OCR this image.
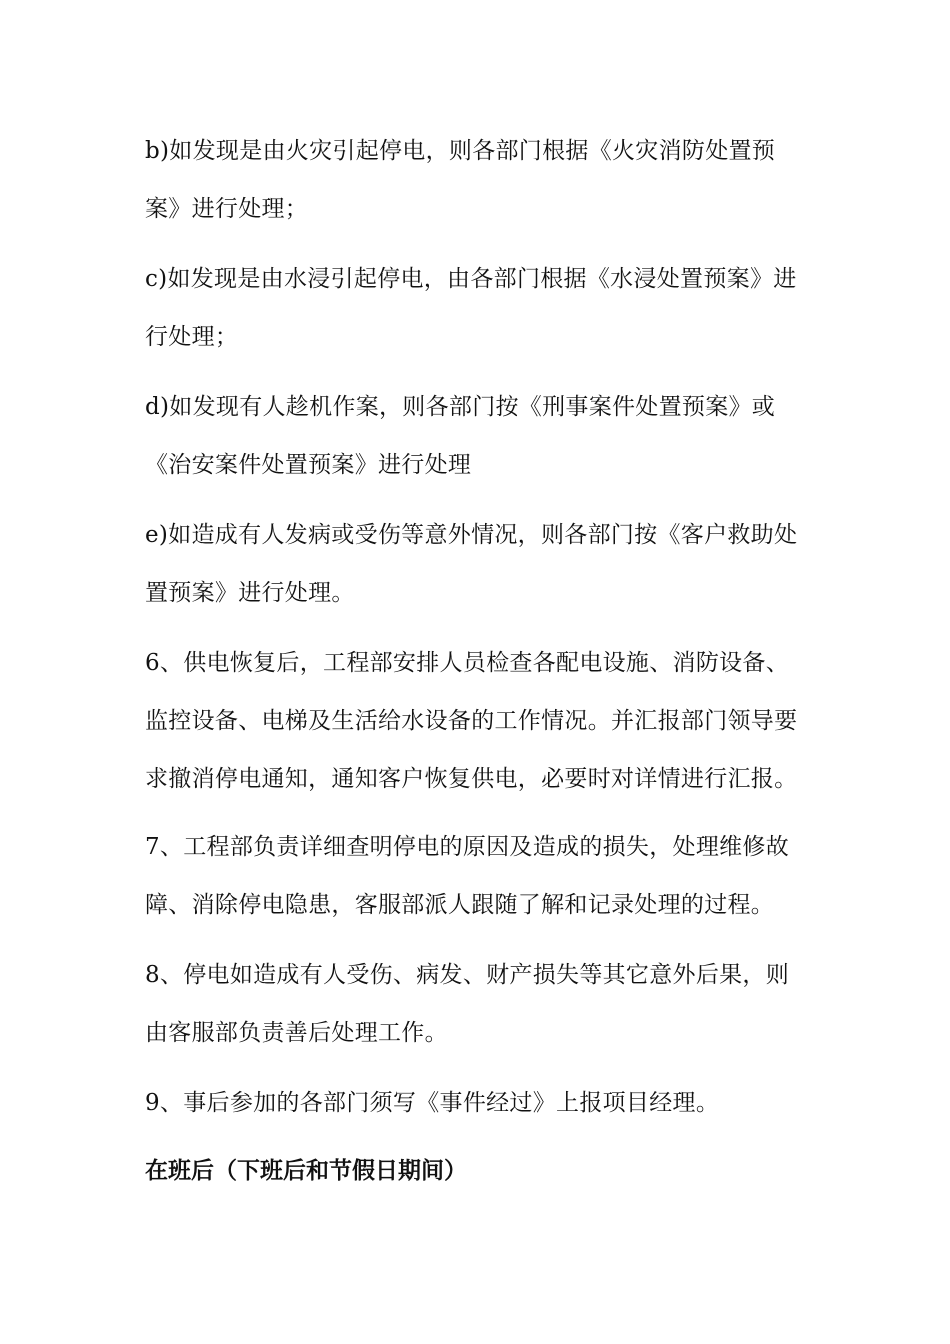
b)如发现是由火灾引起停电，则各部门根据《火灾消防处置预案》进行处理；

c)如发现是由水浸引起停电，由各部门根据《水浸处置预案》进行处理；

d)如发现有人趁机作案，则各部门按《刑事案件处置预案》或《治安案件处置预案》进行处理

e)如造成有人发病或受伤等意外情况，则各部门按《客户救助处置预案》进行处理。

6、供电恢复后，工程部安排人员检查各配电设施、消防设备、监控设备、电梯及生活给水设备的工作情况。并汇报部门领导要求撤消停电通知，通知客户恢复供电，必要时对详情进行汇报。

7、工程部负责详细查明停电的原因及造成的损失，处理维修故障、消除停电隐患，客服部派人跟随了解和记录处理的过程。

8、停电如造成有人受伤、病发、财产损失等其它意外后果，则由客服部负责善后处理工作。

9、事后参加的各部门须写《事件经过》上报项目经理。

在班后（下班后和节假日期间）
